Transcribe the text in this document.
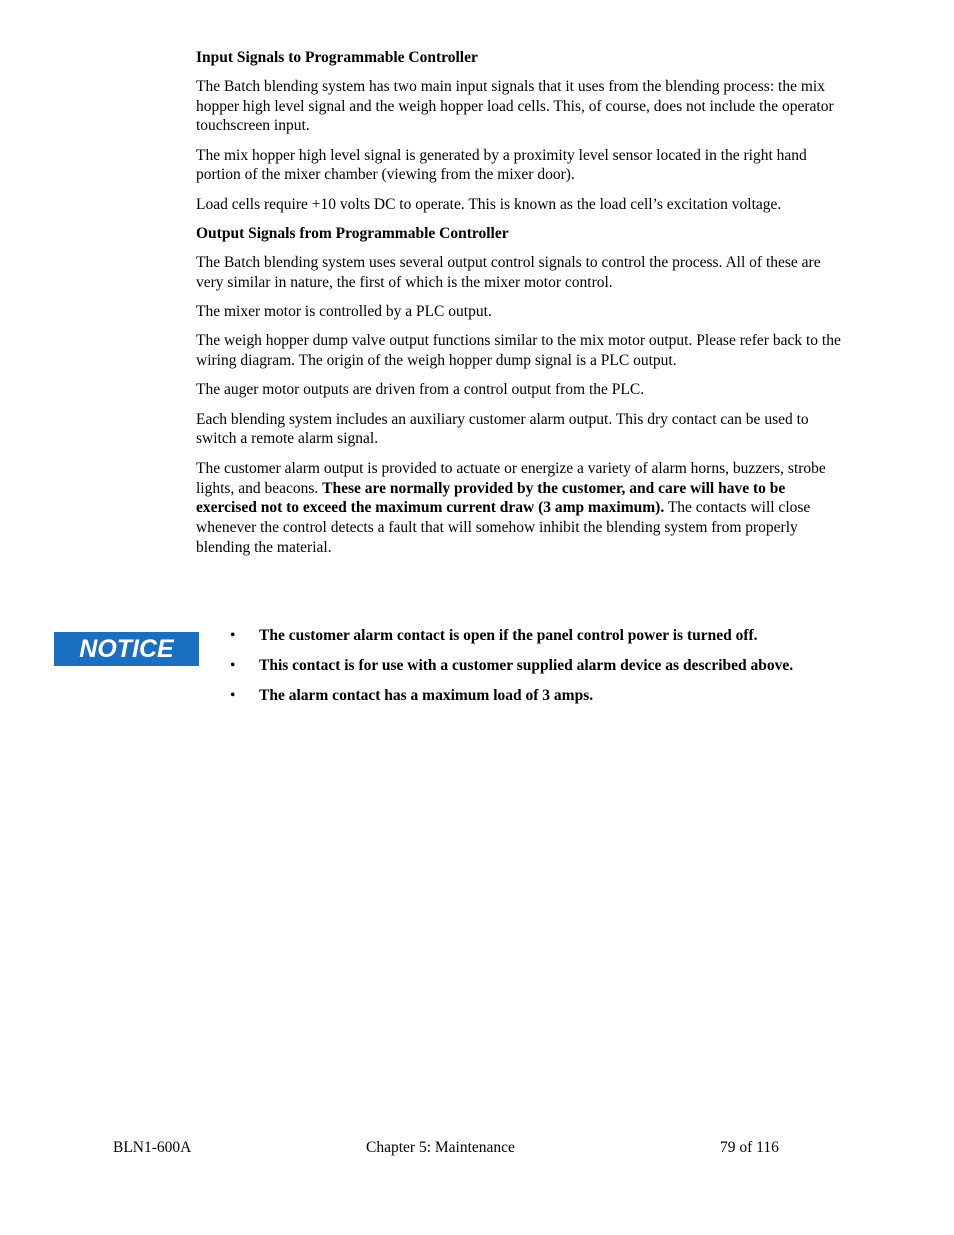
Input Signals to Programmable Controller

The Batch blending system has two main input signals that it uses from the blending process: the mix hopper high level signal and the weigh hopper load cells. This, of course, does not include the operator touchscreen input.

The mix hopper high level signal is generated by a proximity level sensor located in the right hand portion of the mixer chamber (viewing from the mixer door).

Load cells require +10 volts DC to operate. This is known as the load cell’s excitation voltage.

Output Signals from Programmable Controller

The Batch blending system uses several output control signals to control the process. All of these are very similar in nature, the first of which is the mixer motor control.

The mixer motor is controlled by a PLC output.

The weigh hopper dump valve output functions similar to the mix motor output. Please refer back to the wiring diagram. The origin of the weigh hopper dump signal is a PLC output.

The auger motor outputs are driven from a control output from the PLC.

Each blending system includes an auxiliary customer alarm output. This dry contact can be used to switch a remote alarm signal.

The customer alarm output is provided to actuate or energize a variety of alarm horns, buzzers, strobe lights, and beacons. These are normally provided by the customer, and care will have to be exercised not to exceed the maximum current draw (3 amp maximum). The contacts will close whenever the control detects a fault that will somehow inhibit the blending system from properly blending the material.

NOTICE	• The customer alarm contact is open if the panel control power is turned off.
• This contact is for use with a customer supplied alarm device as described above.
• The alarm contact has a maximum load of 3 amps.
BLN1-600A	Chapter 5: Maintenance	79 of 116
